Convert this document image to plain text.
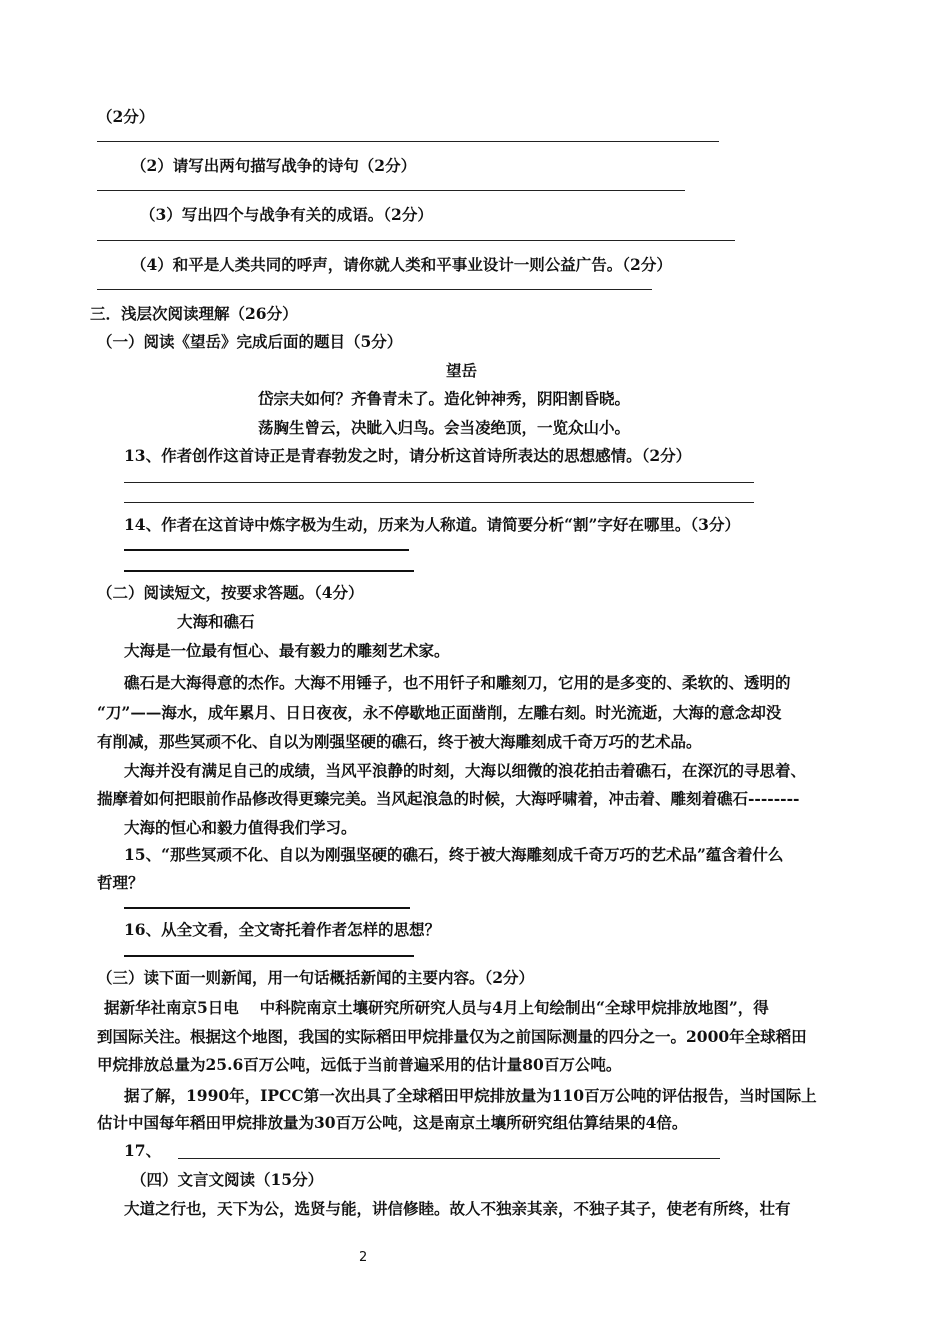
（2分）
（2）请写出两句描写战争的诗句（2分）
（3）写出四个与战争有关的成语。（2分）
（4）和平是人类共同的呼声，请你就人类和平事业设计一则公益广告。（2分）
三．浅层次阅读理解（26分）
（一）阅读《望岳》完成后面的题目（5分）
望岳
岱宗夫如何？齐鲁青未了。造化钟神秀，阴阳割昏晓。
荡胸生曾云，决眦入归鸟。会当凌绝顶，一览众山小。
13、作者创作这首诗正是青春勃发之时，请分析这首诗所表达的思想感情。（2分）
14、作者在这首诗中炼字极为生动，历来为人称道。请简要分析“割”字好在哪里。（3分）
（二）阅读短文，按要求答题。（4分）
大海和礁石
大海是一位最有恒心、最有毅力的雕刻艺术家。
礁石是大海得意的杰作。大海不用锤子，也不用钎子和雕刻刀，它用的是多变的、柔软的、透明的
“刀”——海水，成年累月、日日夜夜，永不停歇地正面凿削，左雕右刻。时光流逝，大海的意念却没
有削减，那些冥顽不化、自以为刚强坚硬的礁石，终于被大海雕刻成千奇万巧的艺术品。
大海并没有满足自己的成绩，当风平浪静的时刻，大海以细微的浪花拍击着礁石，在深沉的寻思着、
揣摩着如何把眼前作品修改得更臻完美。当风起浪急的时候，大海呼啸着，冲击着、雕刻着礁石--------
大海的恒心和毅力值得我们学习。
15、“那些冥顽不化、自以为刚强坚硬的礁石，终于被大海雕刻成千奇万巧的艺术品”蕴含着什么
哲理？
16、从全文看，全文寄托着作者怎样的思想？
（三）读下面一则新闻，用一句话概括新闻的主要内容。（2分）
据新华社南京5日电　 中科院南京土壤研究所研究人员与4月上旬绘制出“全球甲烷排放地图”，得
到国际关注。根据这个地图，我国的实际稻田甲烷排量仅为之前国际测量的四分之一。2000年全球稻田
甲烷排放总量为25.6百万公吨，远低于当前普遍采用的估计量80百万公吨。
据了解，1990年，IPCC第一次出具了全球稻田甲烷排放量为110百万公吨的评估报告，当时国际上
估计中国每年稻田甲烷排放量为30百万公吨，这是南京土壤所研究组估算结果的4倍。
17、
（四）文言文阅读（15分）
大道之行也，天下为公，选贤与能，讲信修睦。故人不独亲其亲，不独子其子，使老有所终，壮有
2
